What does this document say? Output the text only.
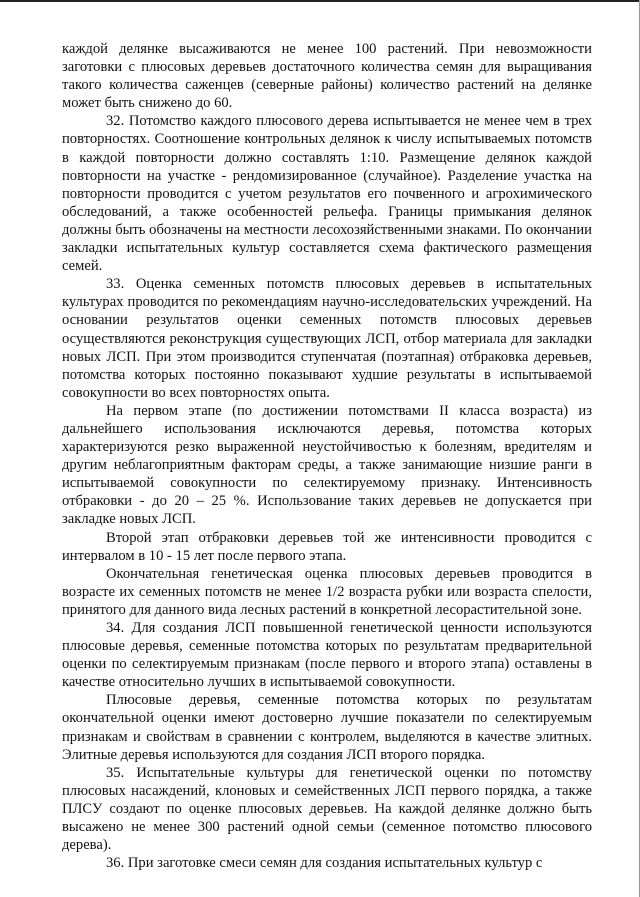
каждой делянке высаживаются не менее 100 растений. При невозможности заготовки с плюсовых деревьев достаточного количества семян для выращивания такого количества саженцев (северные районы) количество растений на делянке может быть снижено до 60.

32. Потомство каждого плюсового дерева испытывается не менее чем в трех повторностях. Соотношение контрольных делянок к числу испытываемых потомств в каждой повторности должно составлять 1:10. Размещение делянок каждой повторности на участке - рендомизированное (случайное). Разделение участка на повторности проводится с учетом результатов его почвенного и агрохимического обследований, а также особенностей рельефа. Границы примыкания делянок должны быть обозначены на местности лесохозяйственными знаками. По окончании закладки испытательных культур составляется схема фактического размещения семей.

33. Оценка семенных потомств плюсовых деревьев в испытательных культурах проводится по рекомендациям научно-исследовательских учреждений. На основании результатов оценки семенных потомств плюсовых деревьев осуществляются реконструкция существующих ЛСП, отбор материала для закладки новых ЛСП. При этом производится ступенчатая (поэтапная) отбраковка деревьев, потомства которых постоянно показывают худшие результаты в испытываемой совокупности во всех повторностях опыта.

На первом этапе (по достижении потомствами II класса возраста) из дальнейшего использования исключаются деревья, потомства которых характеризуются резко выраженной неустойчивостью к болезням, вредителям и другим неблагоприятным факторам среды, а также занимающие низшие ранги в испытываемой совокупности по селектируемому признаку. Интенсивность отбраковки - до 20 – 25 %. Использование таких деревьев не допускается при закладке новых ЛСП.

Второй этап отбраковки деревьев той же интенсивности проводится с интервалом в 10 - 15 лет после первого этапа.

Окончательная генетическая оценка плюсовых деревьев проводится в возрасте их семенных потомств не менее 1/2 возраста рубки или возраста спелости, принятого для данного вида лесных растений в конкретной лесорастительной зоне.

34. Для создания ЛСП повышенной генетической ценности используются плюсовые деревья, семенные потомства которых по результатам предварительной оценки по селектируемым признакам (после первого и второго этапа) оставлены в качестве относительно лучших в испытываемой совокупности.

Плюсовые деревья, семенные потомства которых по результатам окончательной оценки имеют достоверно лучшие показатели по селектируемым признакам и свойствам в сравнении с контролем, выделяются в качестве элитных. Элитные деревья используются для создания ЛСП второго порядка.

35. Испытательные культуры для генетической оценки по потомству плюсовых насаждений, клоновых и семейственных ЛСП первого порядка, а также ПЛСУ создают по оценке плюсовых деревьев. На каждой делянке должно быть высажено не менее 300 растений одной семьи (семенное потомство плюсового дерева).

36. При заготовке смеси семян для создания испытательных культур с
